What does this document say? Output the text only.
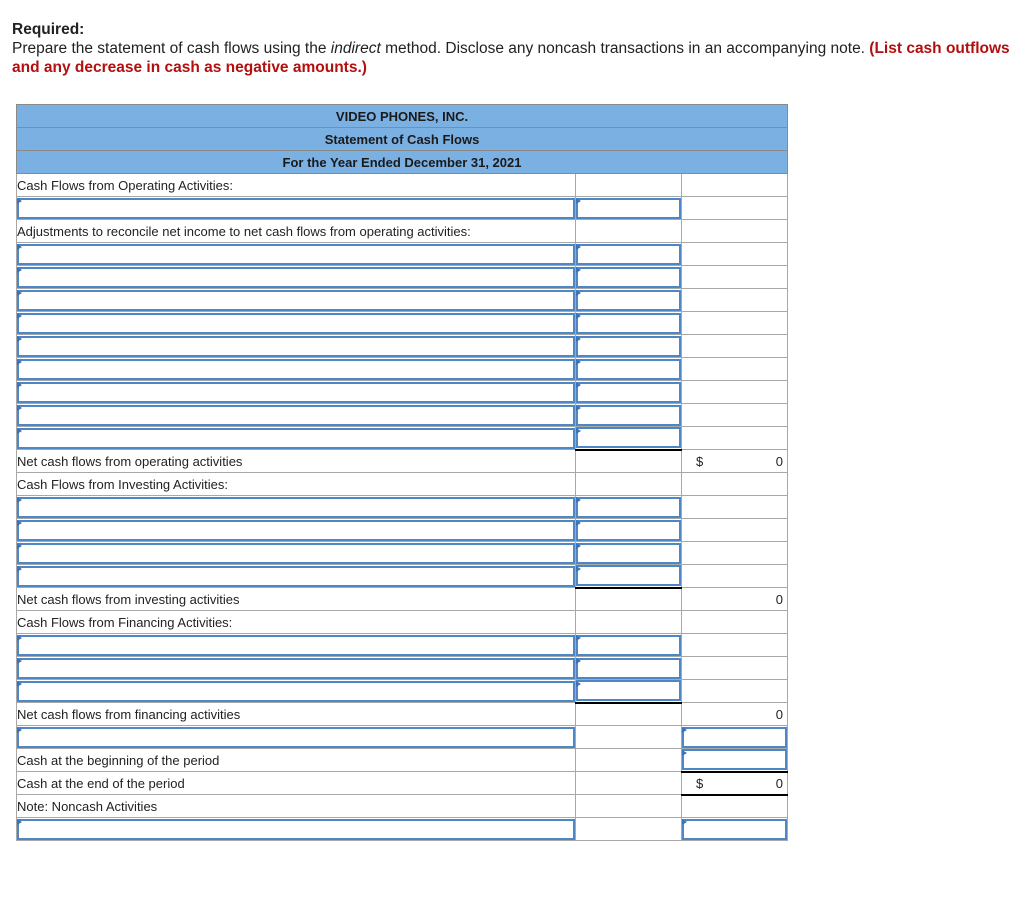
Required:
Prepare the statement of cash flows using the indirect method. Disclose any noncash transactions in an accompanying note. (List cash outflows and any decrease in cash as negative amounts.)
VIDEO PHONES, INC.		
Statement of Cash Flows		
For the Year Ended December 31, 2021		
Cash Flows from Operating Activities:		

Adjustments to reconcile net income to net cash flows from operating activities:		

Net cash flows from operating activities		$ 0

Cash Flows from Investing Activities:		

Net cash flows from investing activities		0

Cash Flows from Financing Activities:		

Net cash flows from financing activities		0

Cash at the beginning of the period		

Cash at the end of the period		$ 0

Note: Noncash Activities		
